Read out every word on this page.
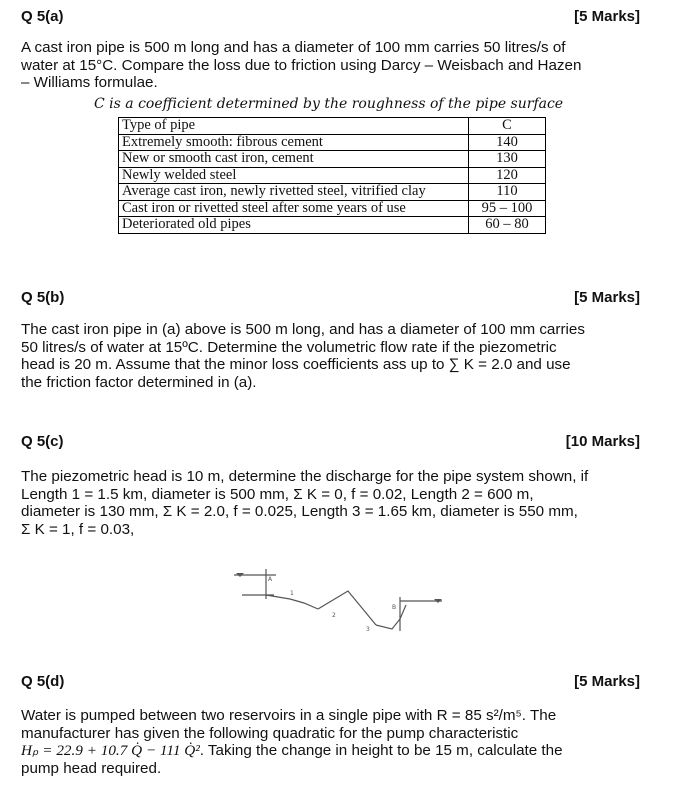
Q 5(a)	[5 Marks]
A cast iron pipe is 500 m long and has a diameter of 100 mm carries 50 litres/s of
water at 15°C. Compare the loss due to friction using Darcy – Weisbach and Hazen
– Williams formulae.
C is a coefficient determined by the roughness of the pipe surface
Type of pipe	C
Extremely smooth: fibrous cement	140
New or smooth cast iron, cement	130
Newly welded steel	120
Average cast iron, newly rivetted steel, vitrified clay	110
Cast iron or rivetted steel after some years of use	95 – 100
Deteriorated old pipes	60 – 80
Q 5(b)	[5 Marks]
The cast iron pipe in (a) above is 500 m long, and has a diameter of 100 mm carries
50 litres/s of water at 15ºC. Determine the volumetric flow rate if the piezometric
head is 20 m. Assume that the minor loss coefficients ass up to ∑ K = 2.0 and use
the friction factor determined in (a).
Q 5(c)	[10 Marks]
The piezometric head is 10 m, determine the discharge for the pipe system shown, if
Length 1 = 1.5 km, diameter is 500 mm, Σ K = 0, f = 0.02, Length 2 = 600 m,
diameter is 130 mm, Σ K = 2.0, f = 0.025, Length 3 = 1.65 km, diameter is 550 mm,
Σ K = 1, f = 0.03,
A
1
2
3
B
Q 5(d)	[5 Marks]
Water is pumped between two reservoirs in a single pipe with R = 85 s²/m⁵. The
manufacturer has given the following quadratic for the pump characteristic
Hₚ = 22.9 + 10.7 Q̇ − 111 Q̇². Taking the change in height to be 15 m, calculate the
pump head required.
